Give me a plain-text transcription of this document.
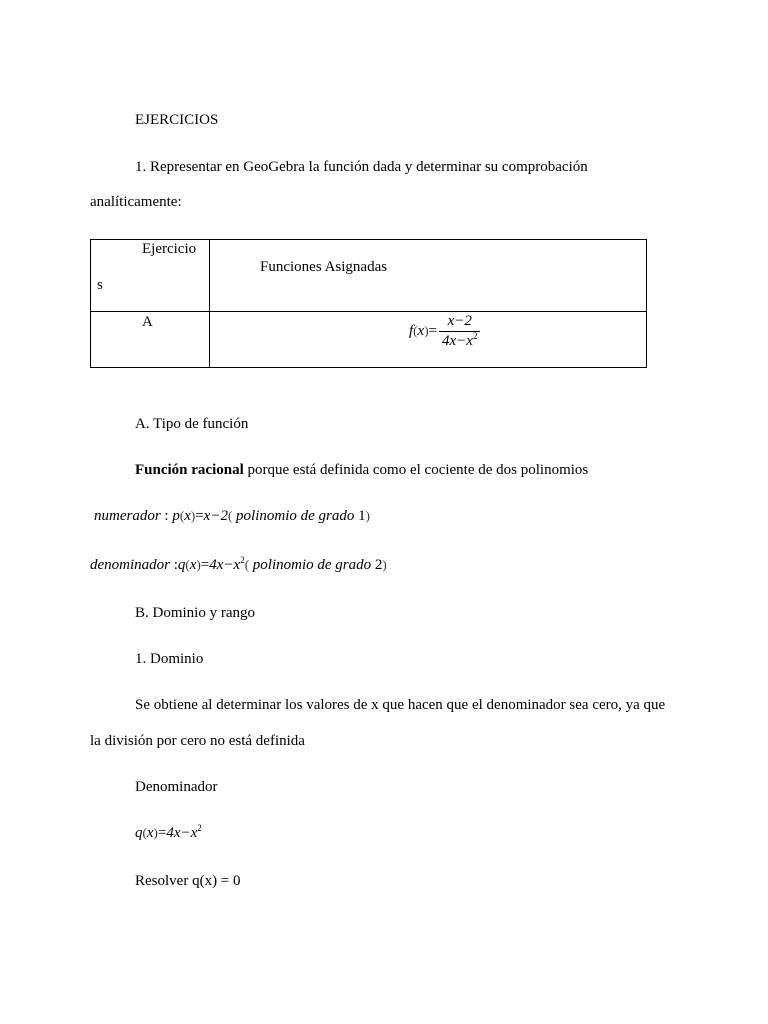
EJERCICIOS
1. Representar en GeoGebra la función dada y determinar su comprobación
analíticamente:
Ejercicio
s
Funciones Asignadas
A
$f(x)= \frac{x-2}{4x-x^2}$
A. Tipo de función
Función racional porque está definida como el cociente de dos polinomios
numerador : p(x)=x−2( polinomio de grado 1)
denominador $:q(x)=4x-x^2$( polinomio de grado 2)
B. Dominio y rango
1. Dominio
Se obtiene al determinar los valores de x que hacen que el denominador sea cero, ya que
la división por cero no está definida
Denominador
$q(x)=4x-x^2$
Resolver q(x) = 0
